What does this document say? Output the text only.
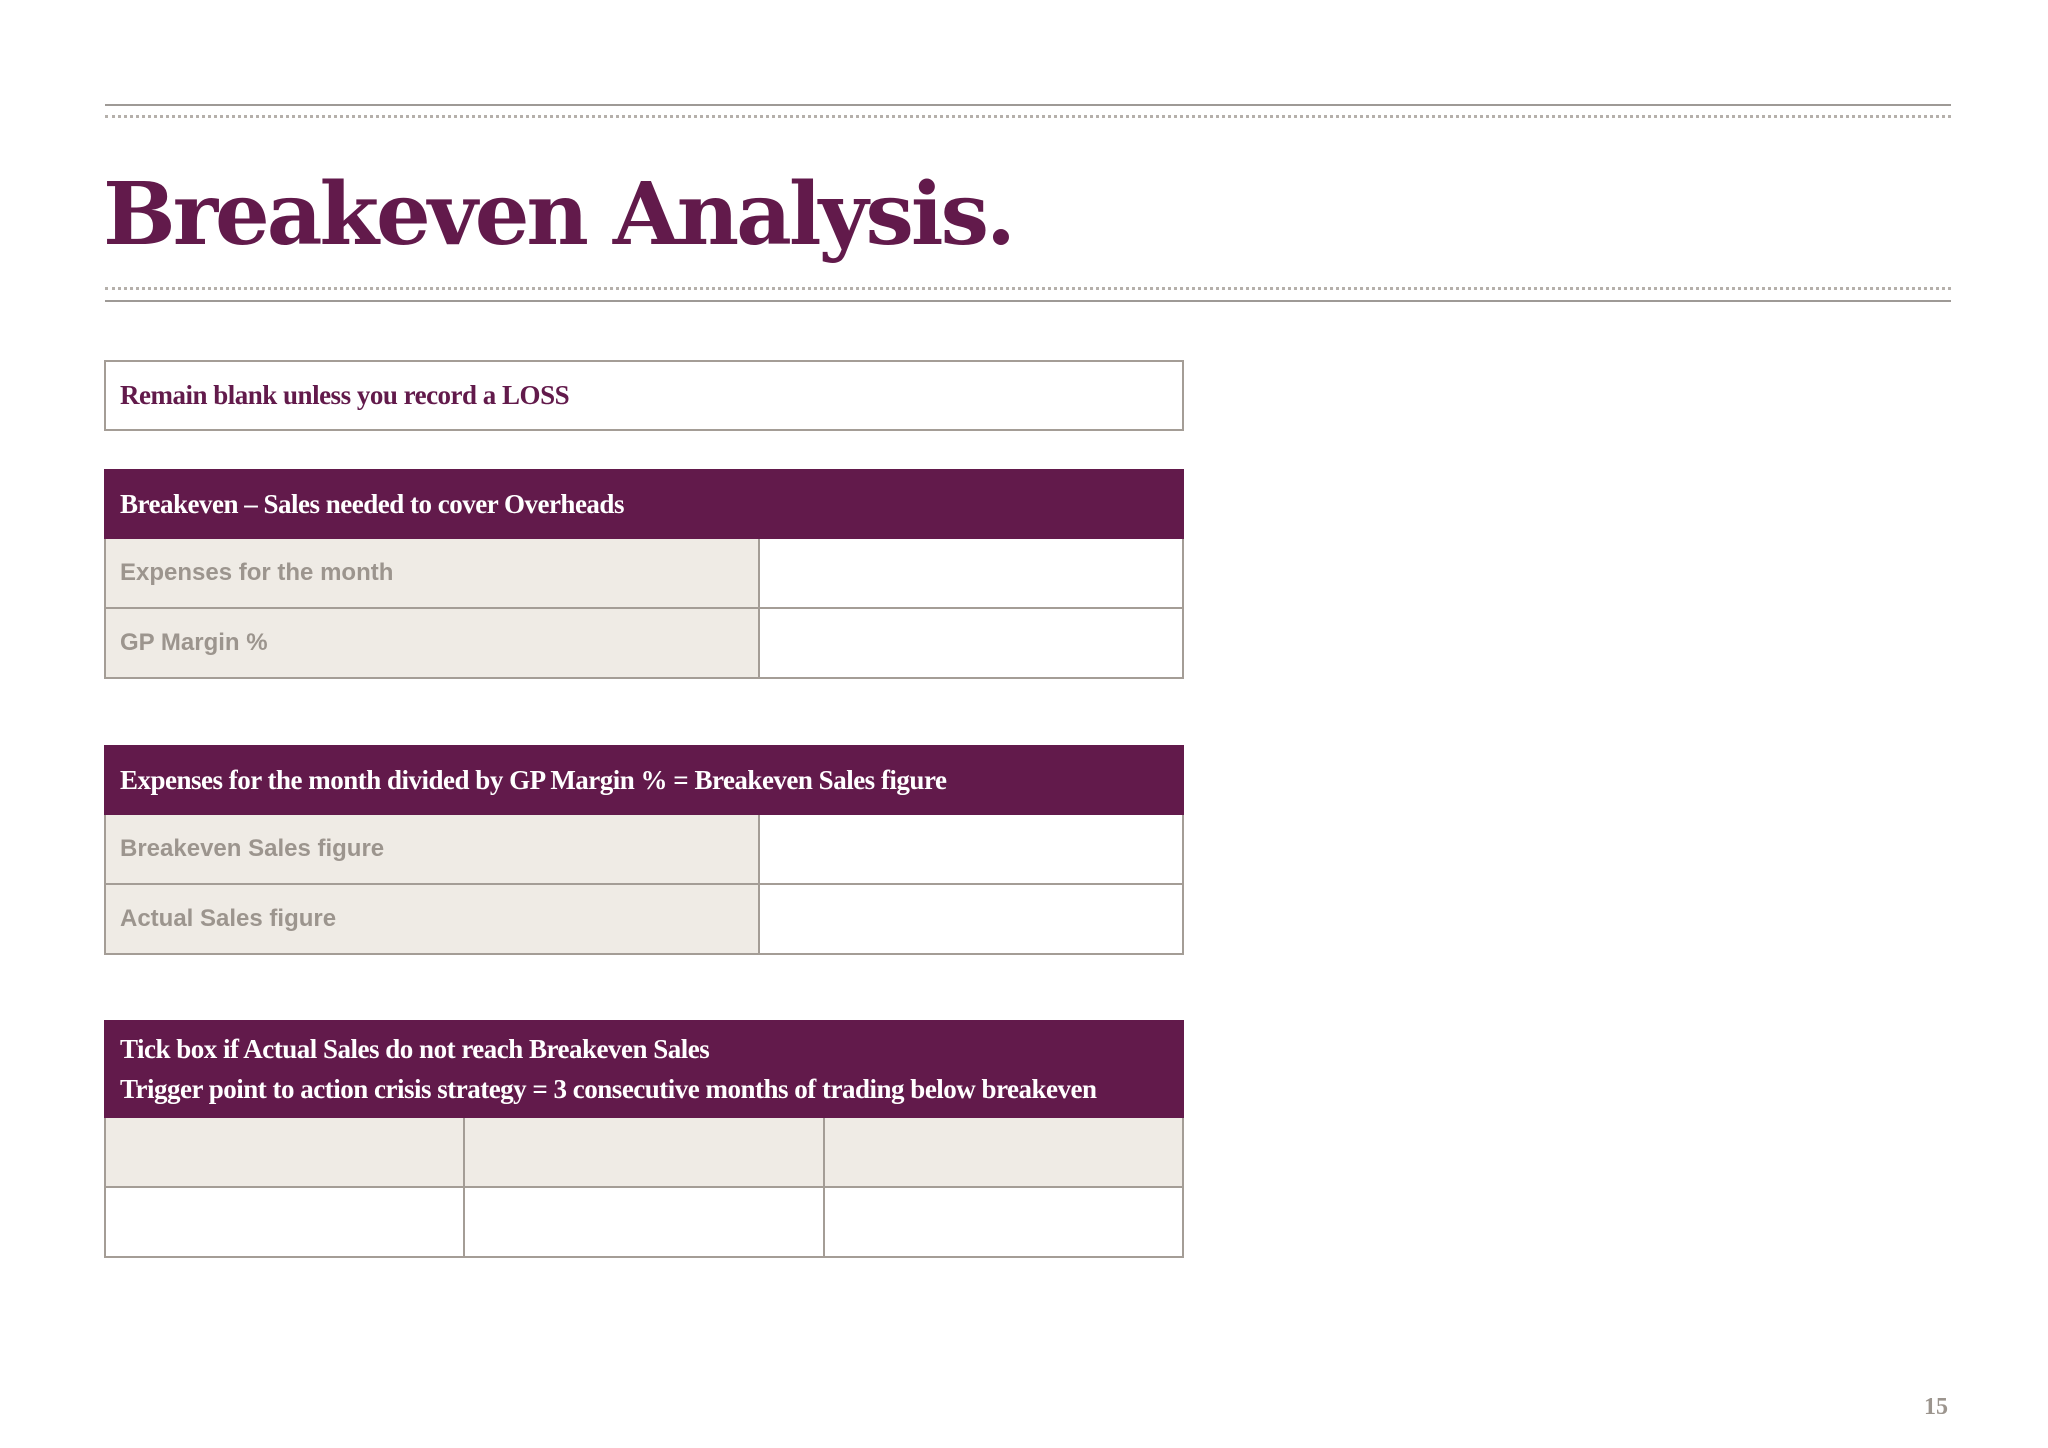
Breakeven Analysis.
Remain blank unless you record a LOSS
Breakeven – Sales needed to cover Overheads
Expenses for the month
GP Margin %
Expenses for the month divided by GP Margin % = Breakeven Sales figure
Breakeven Sales figure
Actual Sales figure
Tick box if Actual Sales do not reach Breakeven Sales
Trigger point to action crisis strategy = 3 consecutive months of trading below breakeven
15
